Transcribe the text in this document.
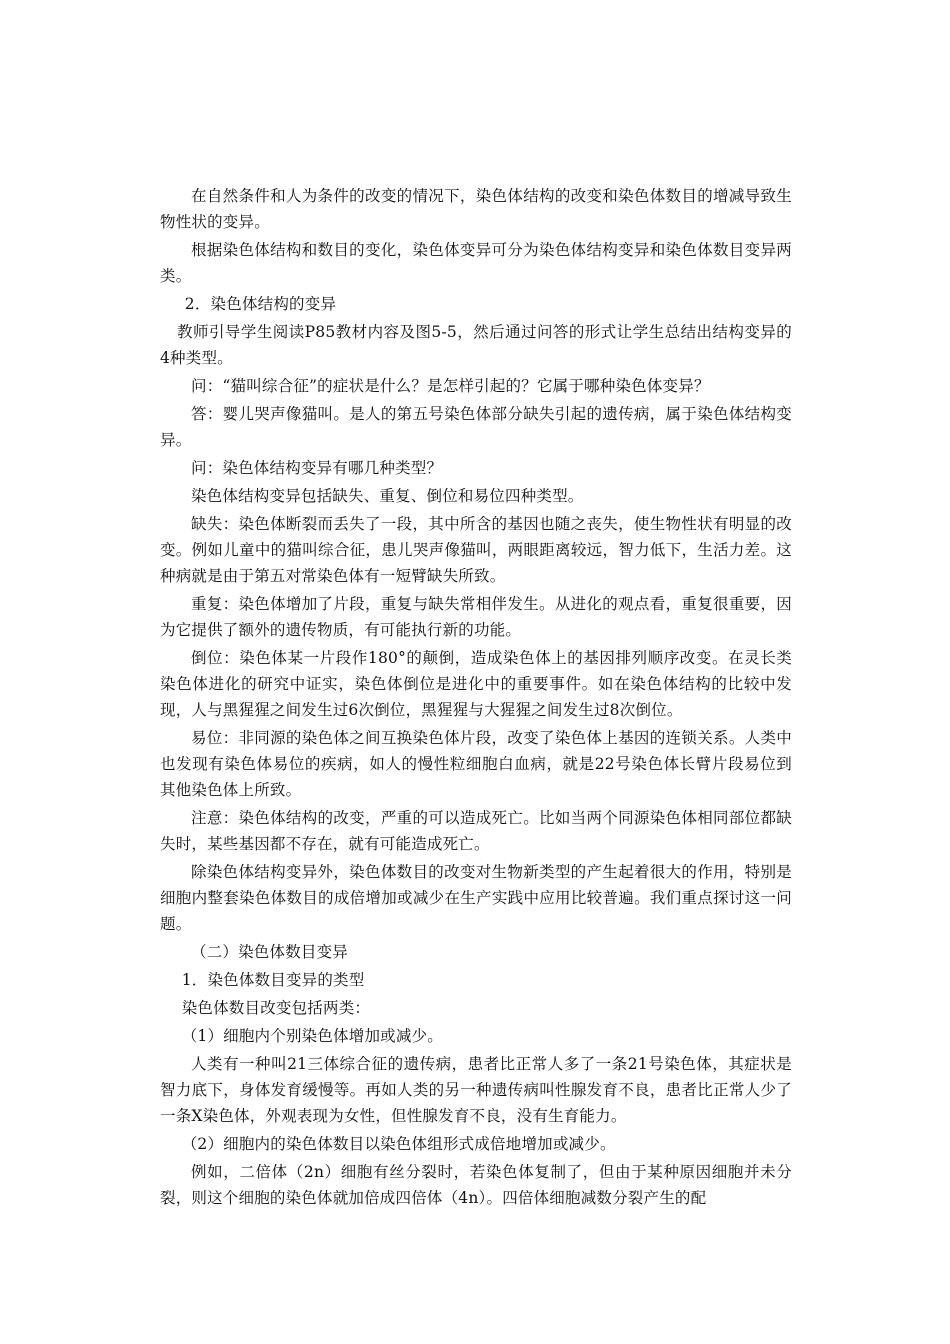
在自然条件和人为条件的改变的情况下，染色体结构的改变和染色体数目的增减导致生物性状的变异。

根据染色体结构和数目的变化，染色体变异可分为染色体结构变异和染色体数目变异两类。

2．染色体结构的变异

教师引导学生阅读P85教材内容及图5-5，然后通过问答的形式让学生总结出结构变异的4种类型。

问：“猫叫综合征”的症状是什么？是怎样引起的？它属于哪种染色体变异？

答：婴儿哭声像猫叫。是人的第五号染色体部分缺失引起的遗传病，属于染色体结构变异。

问：染色体结构变异有哪几种类型？

染色体结构变异包括缺失、重复、倒位和易位四种类型。

缺失：染色体断裂而丢失了一段，其中所含的基因也随之丧失，使生物性状有明显的改变。例如儿童中的猫叫综合征，患儿哭声像猫叫，两眼距离较远，智力低下，生活力差。这种病就是由于第五对常染色体有一短臂缺失所致。

重复：染色体增加了片段，重复与缺失常相伴发生。从进化的观点看，重复很重要，因为它提供了额外的遗传物质，有可能执行新的功能。

倒位：染色体某一片段作180°的颠倒，造成染色体上的基因排列顺序改变。在灵长类染色体进化的研究中证实，染色体倒位是进化中的重要事件。如在染色体结构的比较中发现，人与黑猩猩之间发生过6次倒位，黑猩猩与大猩猩之间发生过8次倒位。

易位：非同源的染色体之间互换染色体片段，改变了染色体上基因的连锁关系。人类中也发现有染色体易位的疾病，如人的慢性粒细胞白血病，就是22号染色体长臂片段易位到其他染色体上所致。

注意：染色体结构的改变，严重的可以造成死亡。比如当两个同源染色体相同部位都缺失时，某些基因都不存在，就有可能造成死亡。

除染色体结构变异外，染色体数目的改变对生物新类型的产生起着很大的作用，特别是细胞内整套染色体数目的成倍增加或减少在生产实践中应用比较普遍。我们重点探讨这一问题。

（二）染色体数目变异

1．染色体数目变异的类型

染色体数目改变包括两类：

（1）细胞内个别染色体增加或减少。

人类有一种叫21三体综合征的遗传病，患者比正常人多了一条21号染色体，其症状是智力底下，身体发育缓慢等。再如人类的另一种遗传病叫性腺发育不良，患者比正常人少了一条X染色体，外观表现为女性，但性腺发育不良，没有生育能力。

（2）细胞内的染色体数目以染色体组形式成倍地增加或减少。

例如，二倍体（2n）细胞有丝分裂时，若染色体复制了，但由于某种原因细胞并未分裂，则这个细胞的染色体就加倍成四倍体（4n）。四倍体细胞减数分裂产生的配
